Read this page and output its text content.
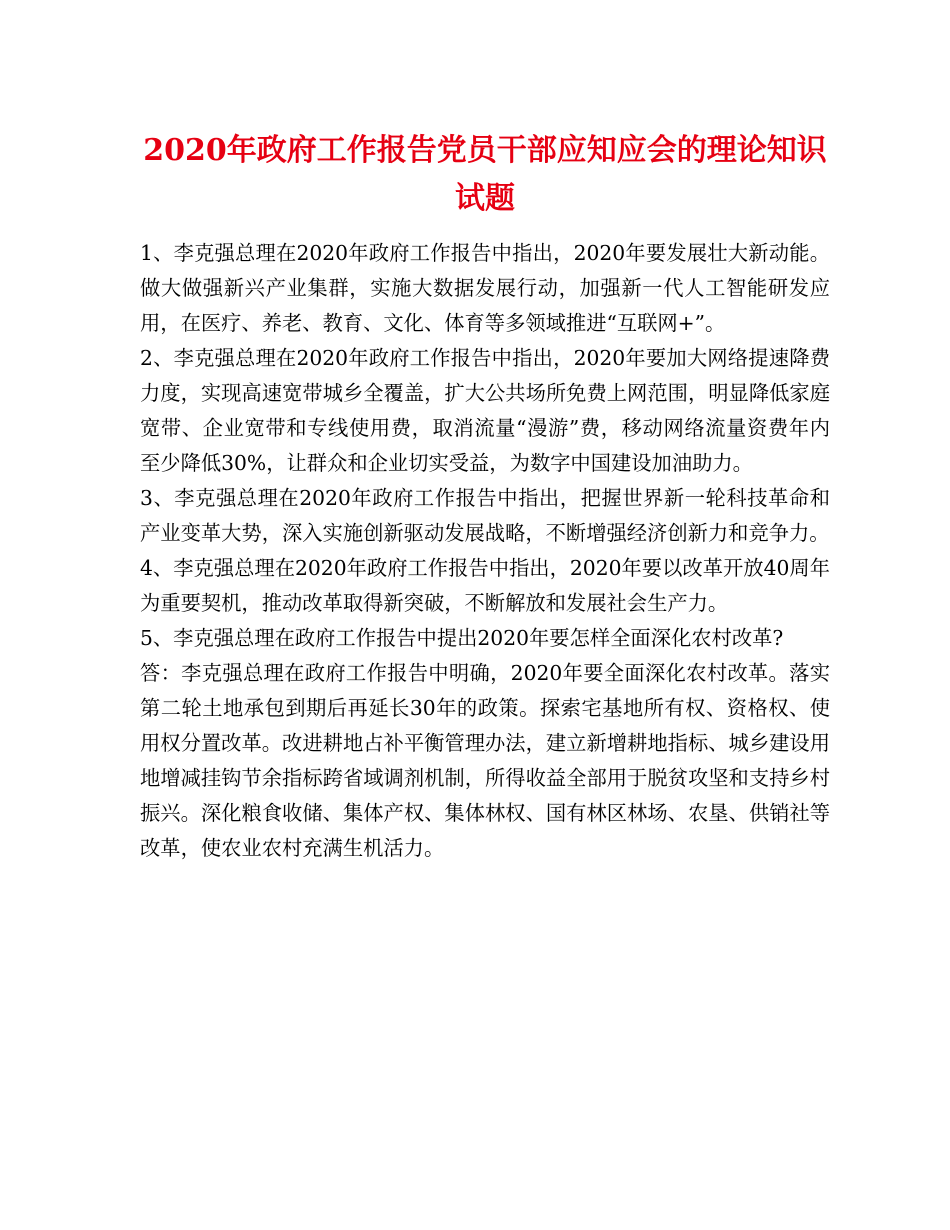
2020年政府工作报告党员干部应知应会的理论知识试题

1、李克强总理在2020年政府工作报告中指出，2020年要发展壮大新动能。做大做强新兴产业集群，实施大数据发展行动，加强新一代人工智能研发应用，在医疗、养老、教育、文化、体育等多领域推进“互联网+”。

2、李克强总理在2020年政府工作报告中指出，2020年要加大网络提速降费力度，实现高速宽带城乡全覆盖，扩大公共场所免费上网范围，明显降低家庭宽带、企业宽带和专线使用费，取消流量“漫游”费，移动网络流量资费年内至少降低30%，让群众和企业切实受益，为数字中国建设加油助力。

3、李克强总理在2020年政府工作报告中指出，把握世界新一轮科技革命和产业变革大势，深入实施创新驱动发展战略，不断增强经济创新力和竞争力。

4、李克强总理在2020年政府工作报告中指出，2020年要以改革开放40周年为重要契机，推动改革取得新突破，不断解放和发展社会生产力。

5、李克强总理在政府工作报告中提出2020年要怎样全面深化农村改革?

答：李克强总理在政府工作报告中明确，2020年要全面深化农村改革。落实第二轮土地承包到期后再延长30年的政策。探索宅基地所有权、资格权、使用权分置改革。改进耕地占补平衡管理办法，建立新增耕地指标、城乡建设用地增减挂钩节余指标跨省域调剂机制，所得收益全部用于脱贫攻坚和支持乡村振兴。深化粮食收储、集体产权、集体林权、国有林区林场、农垦、供销社等改革，使农业农村充满生机活力。
